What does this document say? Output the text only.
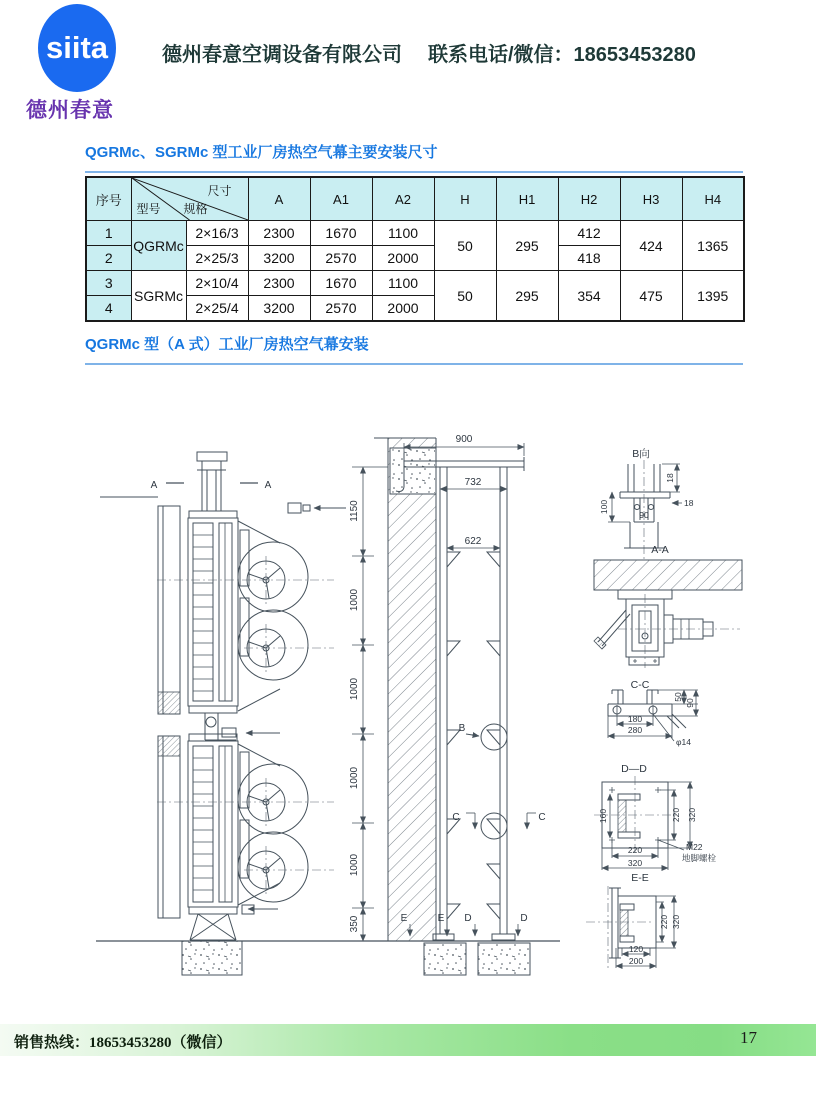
siita
德州春意
德州春意空调设备有限公司 联系电话/微信：18653453280
QGRMc、SGRMc 型工业厂房热空气幕主要安装尺寸
序号	尺寸
型号 规格		A	A1	A2	H	H1	H2	H3	H4
1	QGRMc	2×16/3	2300	1670	1100	50	295	412	424	1365
2		2×25/3	3200	2570	2000			418		
3	SGRMc	2×10/4	2300	1670	1100	50	295	354	475	1395
4		2×25/4	3200	2570	2000					
QGRMc 型（A 式）工业厂房热空气幕安装
A	A
B
C	C
E	E D	D
900
732
622
1150
1000
1000
1000
1000
350
B向
18
100	18
90
A-A
C-C
50
90
180
280
φ14
D—D
160	220 320
220
320
M22
地脚螺栓
E-E
220 320
120
200
销售热线：18653453280（微信）	17
